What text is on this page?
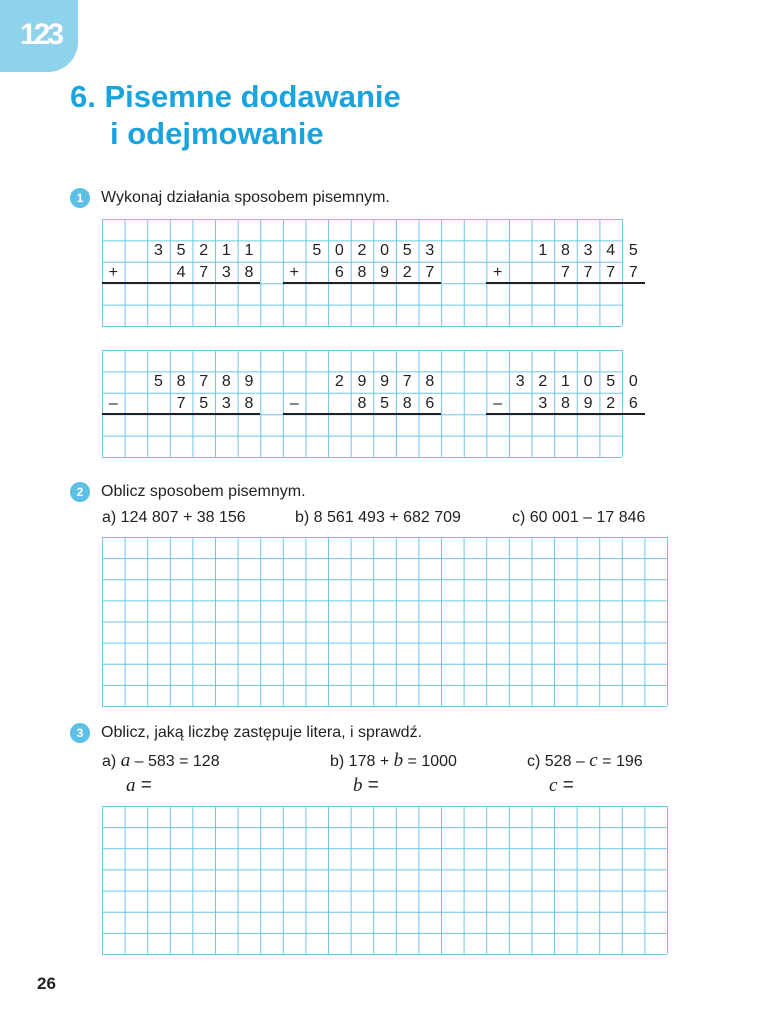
123
6. Pisemne dodawanie
i odejmowanie
1	Wykonaj działania sposobem pisemnym.
3 5 2 1 1
4 7 3 8
+
5 0 2 0 5 3
6 8 9 2 7
+
1 8 3 4 5
7 7 7 7
+
5 8 7 8 9
7 5 3 8
–
2 9 9 7 8
8 5 8 6
–
3 2 1 0 5 0
3 8 9 2 6
–
2	Oblicz sposobem pisemnym.
a) 124 807 + 38 156	b) 8 561 493 + 682 709	c) 60 001 – 17 846
3	Oblicz, jaką liczbę zastępuje litera, i sprawdź.
a) a – 583 = 128	b) 178 + b = 1000	c) 528 – c = 196
a =	b =	c =
26
